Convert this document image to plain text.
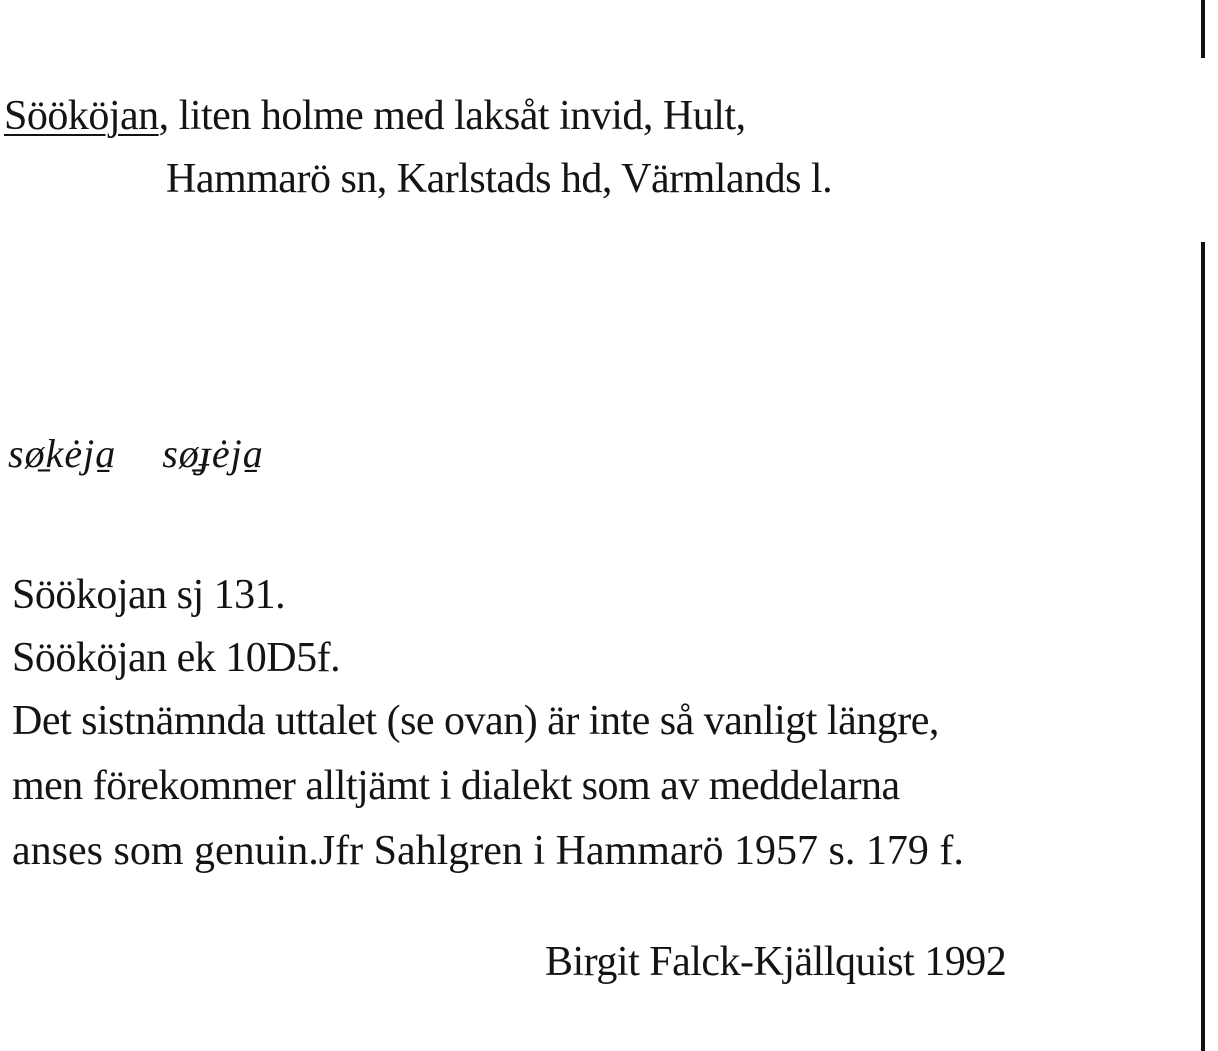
Söököjan, liten holme med laksåt invid, Hult,
Hammarö sn, Karlstads hd, Värmlands l.
sø̱kėja̱ sø̱ɟėja̱
Söökojan sj 131.
Söököjan ek 10D5f.
Det sistnämnda uttalet (se ovan) är inte så vanligt längre,
men förekommer alltjämt i dialekt som av meddelarna
anses som genuin.Jfr Sahlgren i Hammarö 1957 s. 179 f.
Birgit Falck-Kjällquist 1992
